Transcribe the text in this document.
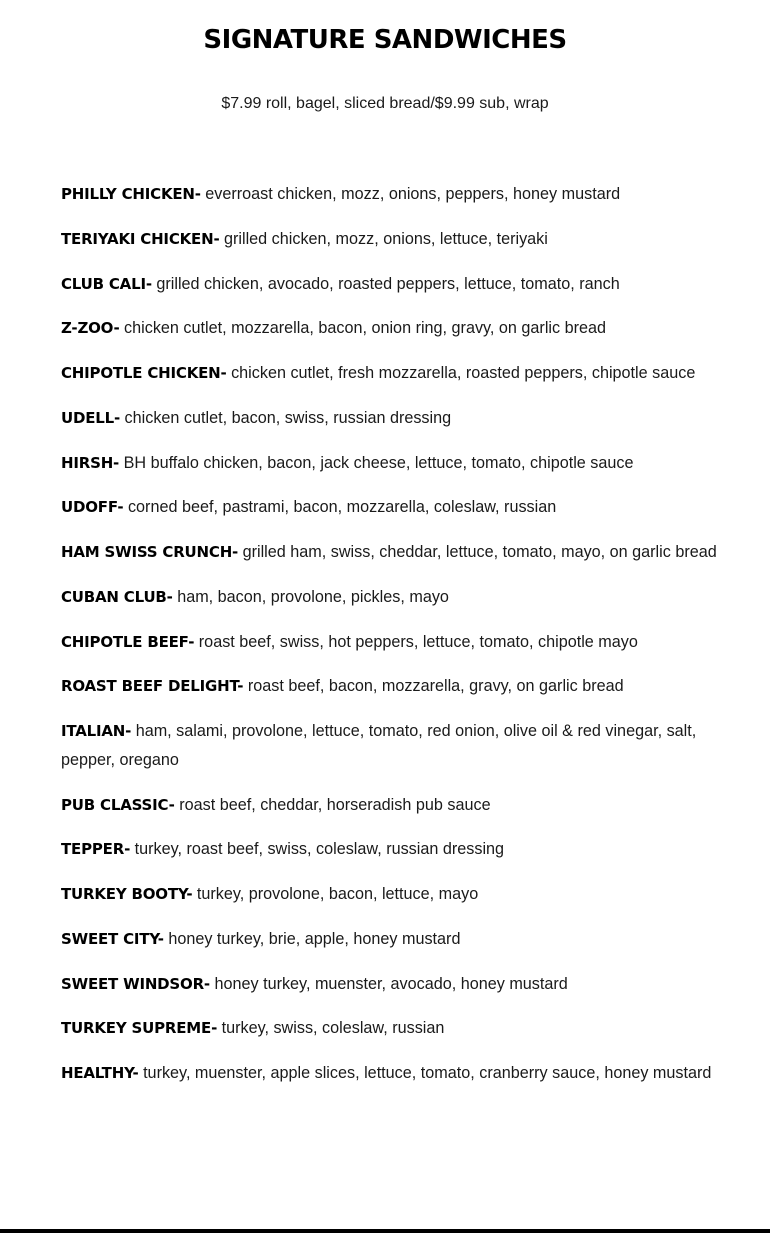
SIGNATURE SANDWICHES
$7.99 roll, bagel, sliced bread/$9.99 sub, wrap
PHILLY CHICKEN- everroast chicken, mozz, onions, peppers, honey mustard
TERIYAKI CHICKEN- grilled chicken, mozz, onions, lettuce, teriyaki
CLUB CALI- grilled chicken, avocado, roasted peppers, lettuce, tomato, ranch
Z-ZOO- chicken cutlet, mozzarella, bacon, onion ring, gravy, on garlic bread
CHIPOTLE CHICKEN- chicken cutlet, fresh mozzarella, roasted peppers, chipotle sauce
UDELL- chicken cutlet, bacon, swiss, russian dressing
HIRSH- BH buffalo chicken, bacon, jack cheese, lettuce, tomato, chipotle sauce
UDOFF- corned beef, pastrami, bacon, mozzarella, coleslaw, russian
HAM SWISS CRUNCH- grilled ham, swiss, cheddar, lettuce, tomato, mayo, on garlic bread
CUBAN CLUB- ham, bacon, provolone, pickles, mayo
CHIPOTLE BEEF- roast beef, swiss, hot peppers, lettuce, tomato, chipotle mayo
ROAST BEEF DELIGHT- roast beef, bacon, mozzarella, gravy, on garlic bread
ITALIAN- ham, salami, provolone, lettuce, tomato, red onion, olive oil & red vinegar, salt, pepper, oregano
PUB CLASSIC- roast beef, cheddar, horseradish pub sauce
TEPPER- turkey, roast beef, swiss, coleslaw, russian dressing
TURKEY BOOTY- turkey, provolone, bacon, lettuce, mayo
SWEET CITY- honey turkey, brie, apple, honey mustard
SWEET WINDSOR- honey turkey, muenster, avocado, honey mustard
TURKEY SUPREME- turkey, swiss, coleslaw, russian
HEALTHY- turkey, muenster, apple slices, lettuce, tomato, cranberry sauce, honey mustard
